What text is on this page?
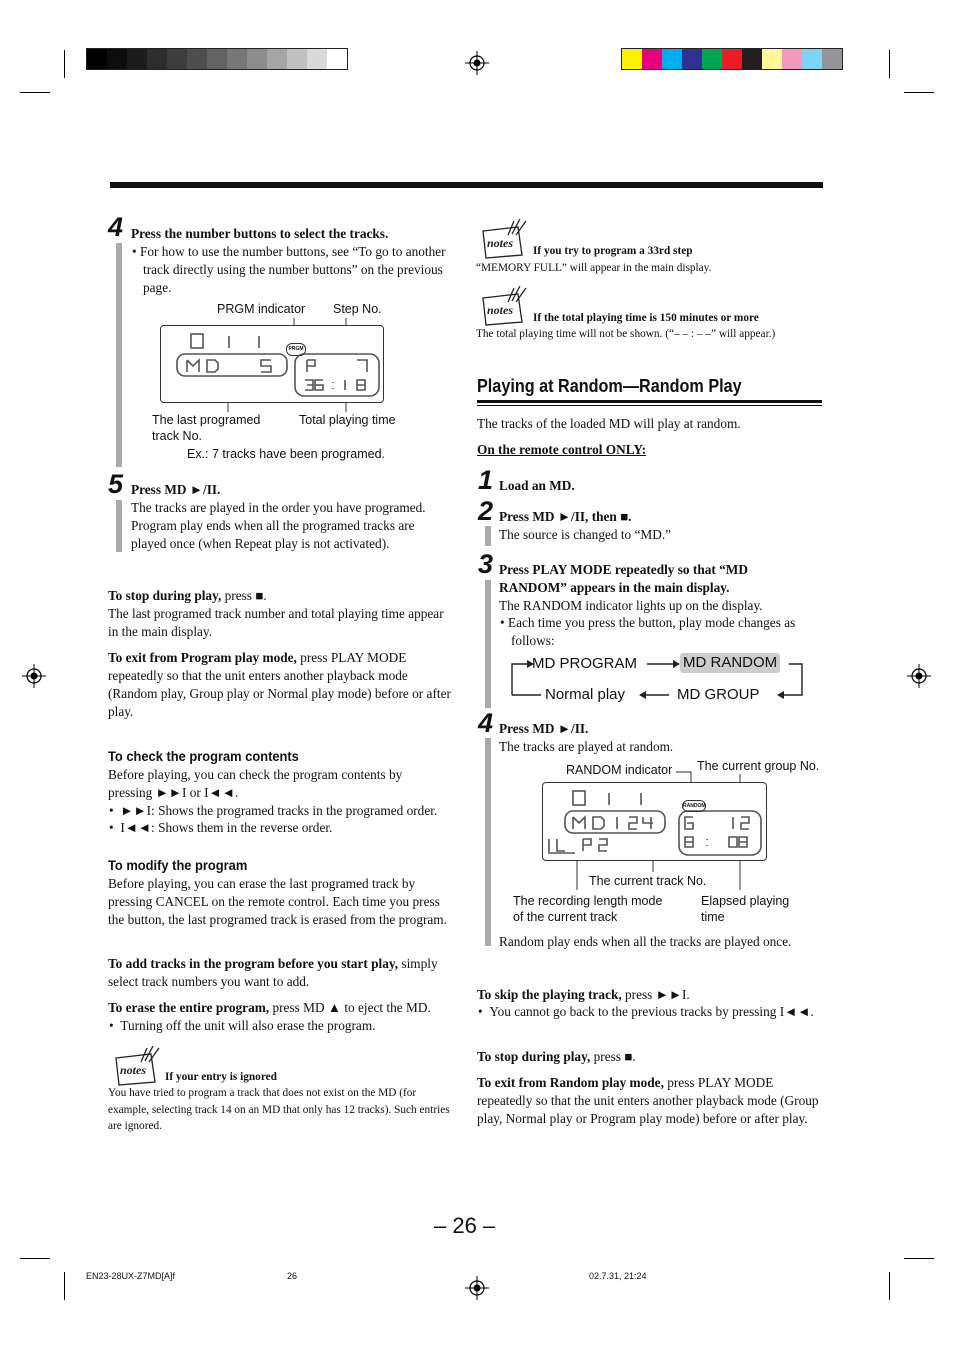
4 Press the number buttons to select the tracks.
• For how to use the number buttons, see “To go to another track directly using the number buttons” on the previous page.
PRGM indicator Step No.
PRGM
The last programed
track No.
Total playing time
Ex.: 7 tracks have been programed.
5 Press MD ►/II.
The tracks are played in the order you have programed. Program play ends when all the programed tracks are played once (when Repeat play is not activated).
To stop during play, press ■.
The last programed track number and total playing time appear in the main display.
To exit from Program play mode, press PLAY MODE repeatedly so that the unit enters another playback mode (Random play, Group play or Normal play mode) before or after play.
To check the program contents
Before playing, you can check the program contents by pressing ►►I or I◄◄.
•  ►►I: Shows the programed tracks in the programed order.
•  I◄◄: Shows them in the reverse order.
To modify the program
Before playing, you can erase the last programed track by pressing CANCEL on the remote control. Each time you press the button, the last programed track is erased from the program.
To add tracks in the program before you start play, simply select track numbers you want to add.
To erase the entire program, press MD ▲ to eject the MD.
•  Turning off the unit will also erase the program.
notes If your entry is ignored
You have tried to program a track that does not exist on the MD (for example, selecting track 14 on an MD that only has 12 tracks). Such entries are ignored.
notes
If you try to program a 33rd step
“MEMORY FULL” will appear in the main display.
notes
If the total playing time is 150 minutes or more
The total playing time will not be shown. (“– – : – –” will appear.)
Playing at Random—Random Play
The tracks of the loaded MD will play at random.
On the remote control ONLY:
1 Load an MD.
2 Press MD ►/II, then ■.
The source is changed to “MD.”
3 Press PLAY MODE repeatedly so that “MD RANDOM” appears in the main display.
The RANDOM indicator lights up on the display.
• Each time you press the button, play mode changes as follows:
MD PROGRAM	MD RANDOM
MD GROUP
Normal play
4 Press MD ►/II.
The tracks are played at random.
RANDOM indicator The current group No.
RANDOM
The current track No.
The recording length mode
of the current track
Elapsed playing
time
Random play ends when all the tracks are played once.
To skip the playing track, press ►►I.
•  You cannot go back to the previous tracks by pressing I◄◄.
To stop during play, press ■.
To exit from Random play mode, press PLAY MODE repeatedly so that the unit enters another playback mode (Group play, Normal play or Program play mode) before or after play.
– 26 –
EN23-28UX-Z7MD[A]f	26	02.7.31, 21:24
